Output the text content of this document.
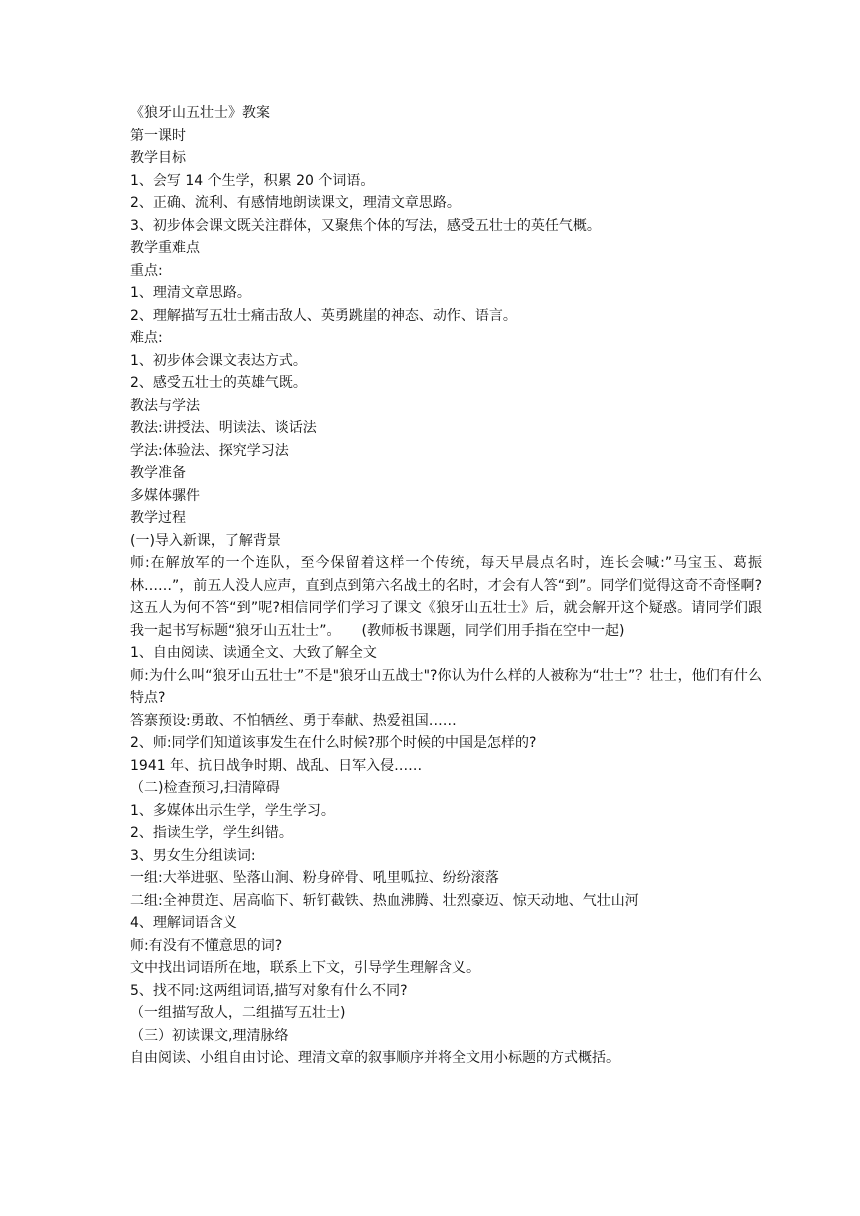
《狼牙山五壮士》教案

第一课时

教学目标

1、会写 14 个生学，积累 20 个词语。

2、正确、流利、有感情地朗读课文，理清文章思路。

3、初步体会课文既关注群体，又聚焦个体的写法，感受五壮士的英任气概。

教学重难点

重点:

1、理清文章思路。

2、理解描写五壮士痛击敌人、英勇跳崖的神态、动作、语言。

难点:

1、初步体会课文表达方式。

2、感受五壮士的英雄气既。

教法与学法

教法:讲授法、明读法、谈话法

学法:体验法、探究学习法

教学准备

多媒体骡件

教学过程

(一)导入新课，了解背景

师:在解放军的一个连队，至今保留着这样一个传统，每天早晨点名时，连长会喊:”马宝玉、葛振林……”，前五人没人应声，直到点到第六名战土的名时，才会有人答“到”。同学们觉得这奇不奇怪啊?这五人为何不答“到”呢?相信同学们学习了课文《狼牙山五壮士》后，就会解开这个疑惑。请同学们跟我一起书写标题“狼牙山五壮士”。　　(教师板书课题，同学们用手指在空中一起)

1、自由阅读、读通全文、大致了解全文

师:为什么叫“狼牙山五壮士”不是"狼牙山五战士"?你认为什么样的人被称为“壮士”？壮士，他们有什么特点?

答寨预设:勇敢、不怕牺丝、勇于奉献、热爱祖国……

2、师:同学们知道该事发生在什么时候?那个时候的中国是怎样的?

1941 年、抗日战争时期、战乱、日军入侵……

（二)检查预习,扫清障碍

1、多媒体出示生学，学生学习。

2、指读生学，学生纠错。

3、男女生分组读词:

一组:大举进驱、坠落山涧、粉身碎骨、吼里呱拉、纷纷滚落

二组:全神贯迮、居高临下、斩钉截铁、热血沸腾、壮烈豪迈、惊天动地、气壮山河

4、理解词语含义

师:有没有不懂意思的词?

文中找出词语所在地，联系上下文，引导学生理解含义。

5、找不同:这两组词语,描写对象有什么不同?

（一组描写敌人，二组描写五壮士)

（三）初读课文,理清脉络

自由阅读、小组自由讨论、理清文章的叙事顺序并将全文用小标题的方式概括。
